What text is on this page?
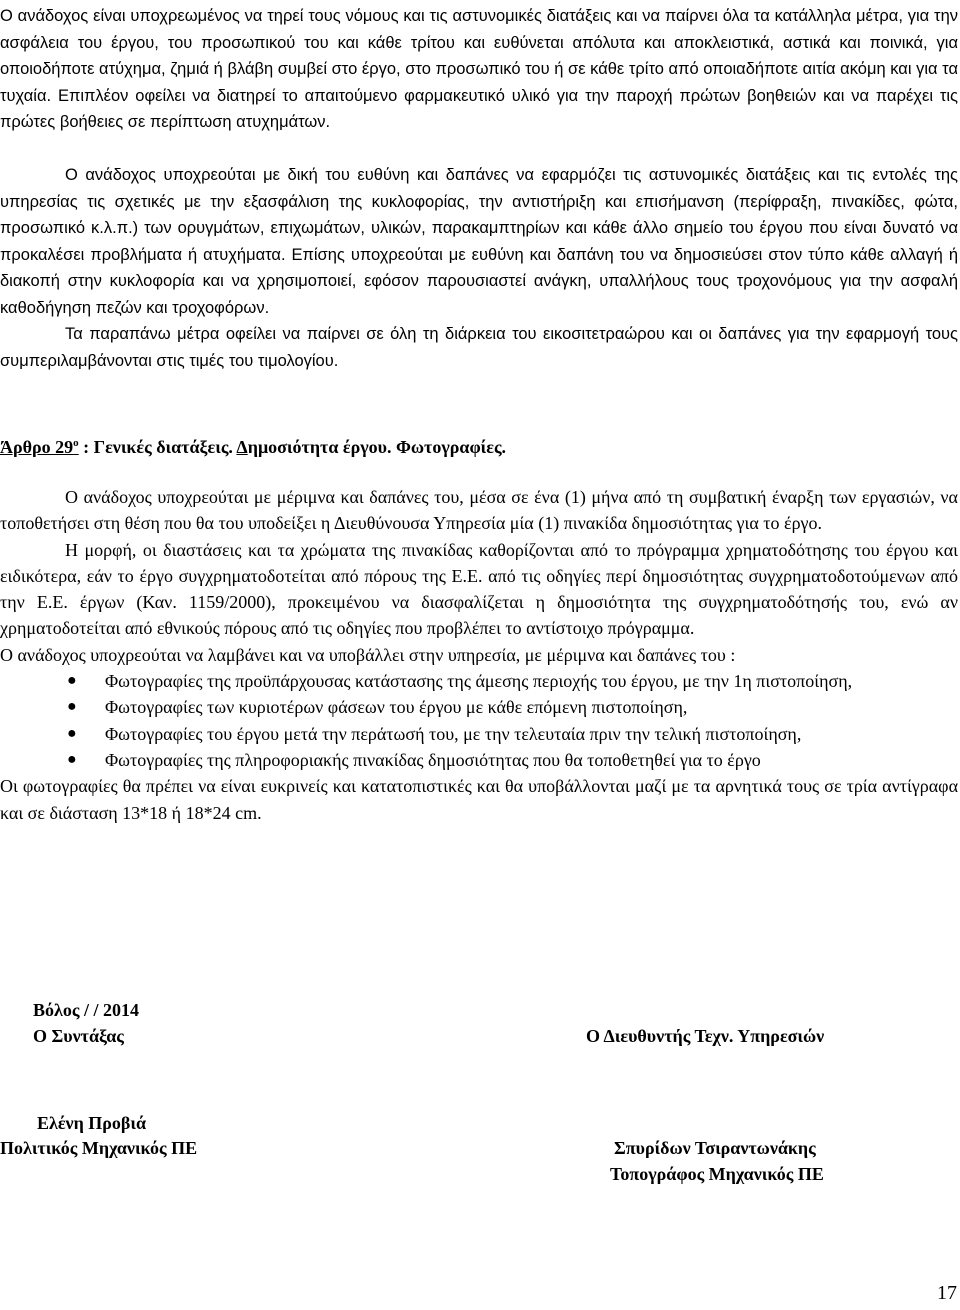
Ο ανάδοχος είναι υποχρεωμένος να τηρεί τους νόμους και τις αστυνομικές διατάξεις και να παίρνει όλα τα κατάλληλα μέτρα, για την ασφάλεια του έργου, του προσωπικού του και κάθε τρίτου και ευθύνεται απόλυτα και αποκλειστικά, αστικά και ποινικά, για οποιοδήποτε ατύχημα, ζημιά ή βλάβη συμβεί στο έργο, στο προσωπικό του ή σε κάθε τρίτο από οποιαδήποτε αιτία ακόμη και για τα τυχαία. Επιπλέον οφείλει να διατηρεί το απαιτούμενο φαρμακευτικό υλικό για την παροχή πρώτων βοηθειών και να παρέχει τις πρώτες βοήθειες σε περίπτωση ατυχημάτων.

Ο ανάδοχος υποχρεούται με δική του ευθύνη και δαπάνες να εφαρμόζει τις αστυνομικές διατάξεις και τις εντολές της υπηρεσίας τις σχετικές με την εξασφάλιση της κυκλοφορίας, την αντιστήριξη και επισήμανση (περίφραξη, πινακίδες, φώτα, προσωπικό κ.λ.π.) των ορυγμάτων, επιχωμάτων, υλικών, παρακαμπτηρίων και κάθε άλλο σημείο του έργου που είναι δυνατό να προκαλέσει προβλήματα ή ατυχήματα. Επίσης υποχρεούται με ευθύνη και δαπάνη του να δημοσιεύσει στον τύπο κάθε αλλαγή ή διακοπή στην κυκλοφορία και να χρησιμοποιεί, εφόσον παρουσιαστεί ανάγκη, υπαλλήλους τους τροχονόμους για την ασφαλή καθοδήγηση πεζών και τροχοφόρων.

Τα παραπάνω μέτρα οφείλει να παίρνει σε όλη τη διάρκεια του εικοσιτετραώρου και οι δαπάνες για την εφαρμογή τους συμπεριλαμβάνονται στις τιμές του τιμολογίου.

Άρθρο $29^o$ : Γενικές διατάξεις. Δημοσιότητα έργου. Φωτογραφίες.

Ο ανάδοχος υποχρεούται με μέριμνα και δαπάνες του, μέσα σε ένα (1) μήνα από τη συμβατική έναρξη των εργασιών, να τοποθετήσει στη θέση που θα του υποδείξει η Διευθύνουσα Υπηρεσία μία (1) πινακίδα δημοσιότητας για το έργο.

Η μορφή, οι διαστάσεις και τα χρώματα της πινακίδας καθορίζονται από το πρόγραμμα χρηματοδότησης του έργου και ειδικότερα, εάν το έργο συγχρηματοδοτείται από πόρους της Ε.Ε. από τις οδηγίες περί δημοσιότητας συγχρηματοδοτούμενων από την Ε.Ε. έργων (Καν. 1159/2000), προκειμένου να διασφαλίζεται η δημοσιότητα της συγχρηματοδότησής του, ενώ αν χρηματοδοτείται από εθνικούς πόρους από τις οδηγίες που προβλέπει το αντίστοιχο πρόγραμμα.

Ο ανάδοχος υποχρεούται να λαμβάνει και να υποβάλλει στην υπηρεσία, με μέριμνα και δαπάνες του :

● Φωτογραφίες της προϋπάρχουσας κατάστασης της άμεσης περιοχής του έργου, με την 1η πιστοποίηση,
● Φωτογραφίες των κυριοτέρων φάσεων του έργου με κάθε επόμενη πιστοποίηση,
● Φωτογραφίες του έργου μετά την περάτωσή του, με την τελευταία πριν την τελική πιστοποίηση,
● Φωτογραφίες της πληροφοριακής πινακίδας δημοσιότητας που θα τοποθετηθεί για το έργο

Οι φωτογραφίες θα πρέπει να είναι ευκρινείς και κατατοπιστικές και θα υποβάλλονται μαζί με τα αρνητικά τους σε τρία αντίγραφα και σε διάσταση 13*18 ή 18*24 cm.

Βόλος / / 2014
Ο Συντάξας	Ο Διευθυντής Τεχν. Υπηρεσιών
Ελένη Προβιά
Πολιτικός Μηχανικός ΠΕ	Σπυρίδων Τσιραντωνάκης
Τοπογράφος Μηχανικός ΠΕ
17
